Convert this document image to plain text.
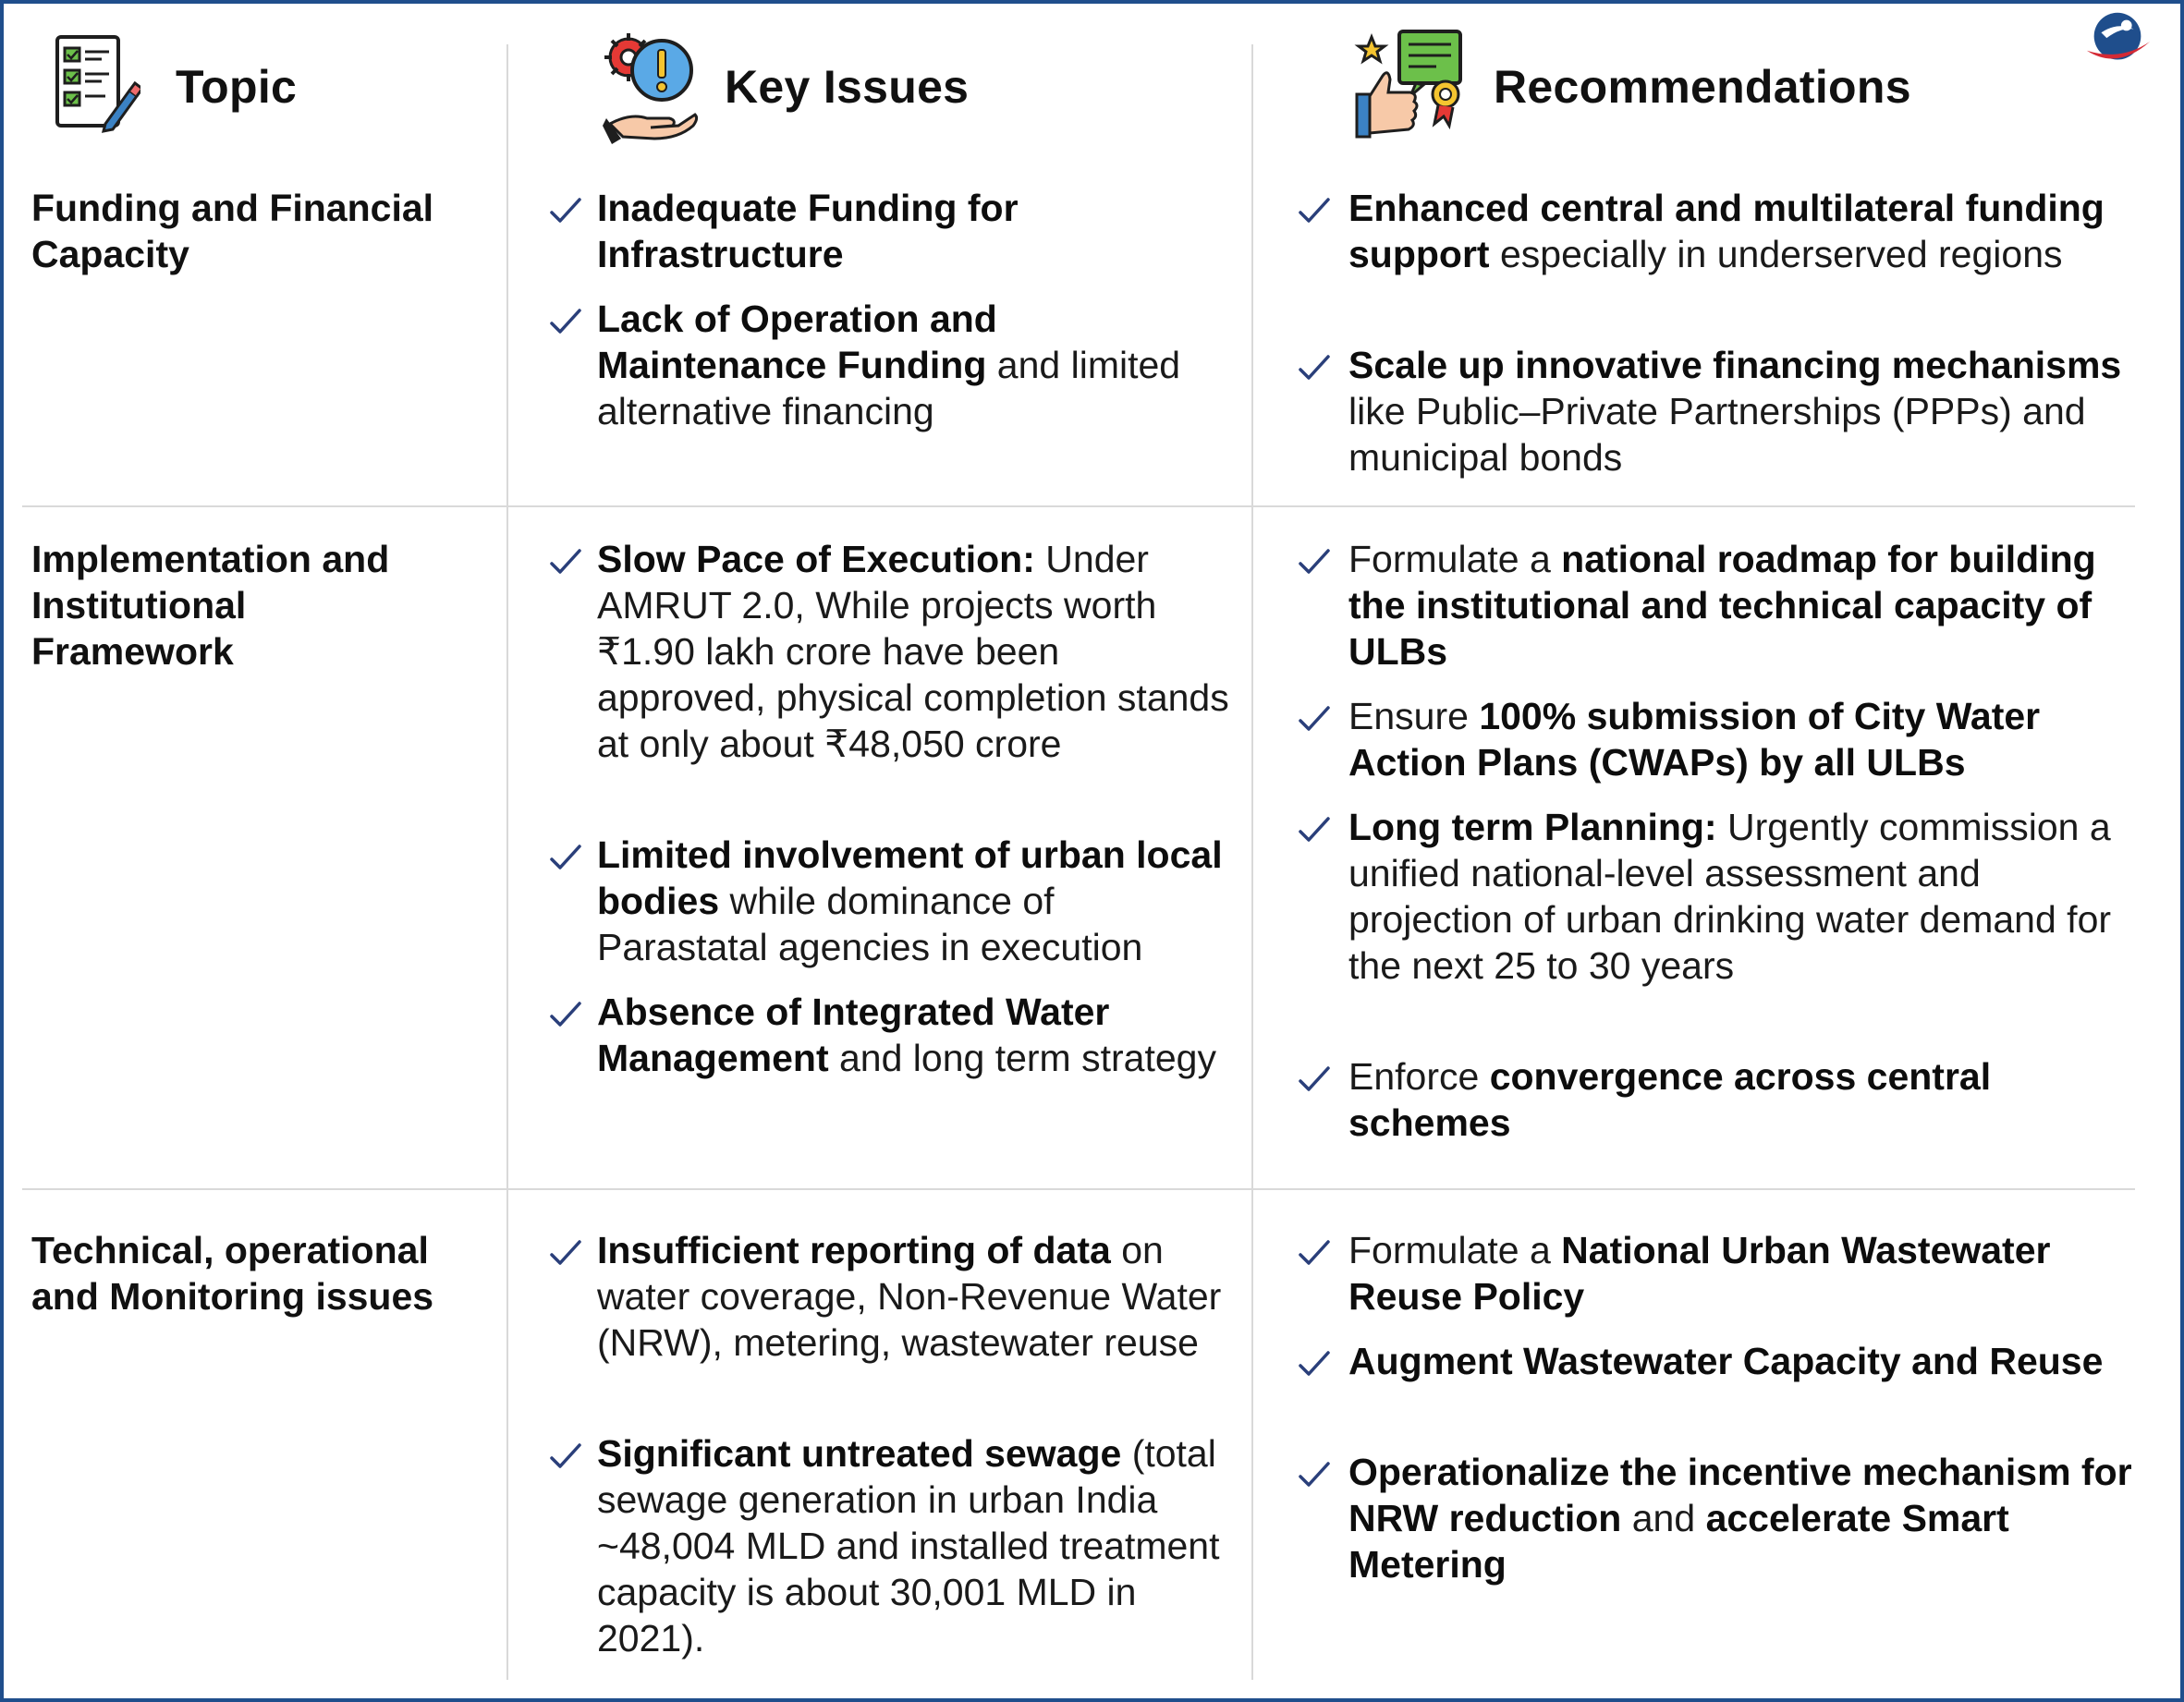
Topic	Key Issues	Recommendations
Funding and Financial Capacity
Inadequate Funding for Infrastructure
Lack of Operation and Maintenance Funding and limited alternative financing
Enhanced central and multilateral funding support especially in underserved regions
Scale up innovative financing mechanisms like Public–Private Partnerships (PPPs) and municipal bonds
Implementation and Institutional Framework
Slow Pace of Execution: Under AMRUT 2.0, While projects worth ₹1.90 lakh crore have been approved, physical completion stands at only about ₹48,050 crore
Limited involvement of urban local bodies while dominance of Parastatal agencies in execution
Absence of Integrated Water Management and long term strategy
Formulate a national roadmap for building the institutional and technical capacity of ULBs
Ensure 100% submission of City Water Action Plans (CWAPs) by all ULBs
Long term Planning: Urgently commission a unified national-level assessment and projection of urban drinking water demand for the next 25 to 30 years
Enforce convergence across central schemes
Technical, operational and Monitoring issues
Insufficient reporting of data on water coverage, Non-Revenue Water (NRW), metering, wastewater reuse
Significant untreated sewage (total sewage generation in urban India ~48,004 MLD and installed treatment capacity is about 30,001 MLD in 2021).
Formulate a National Urban Wastewater Reuse Policy
Augment Wastewater Capacity and Reuse
Operationalize the incentive mechanism for NRW reduction and accelerate Smart Metering
